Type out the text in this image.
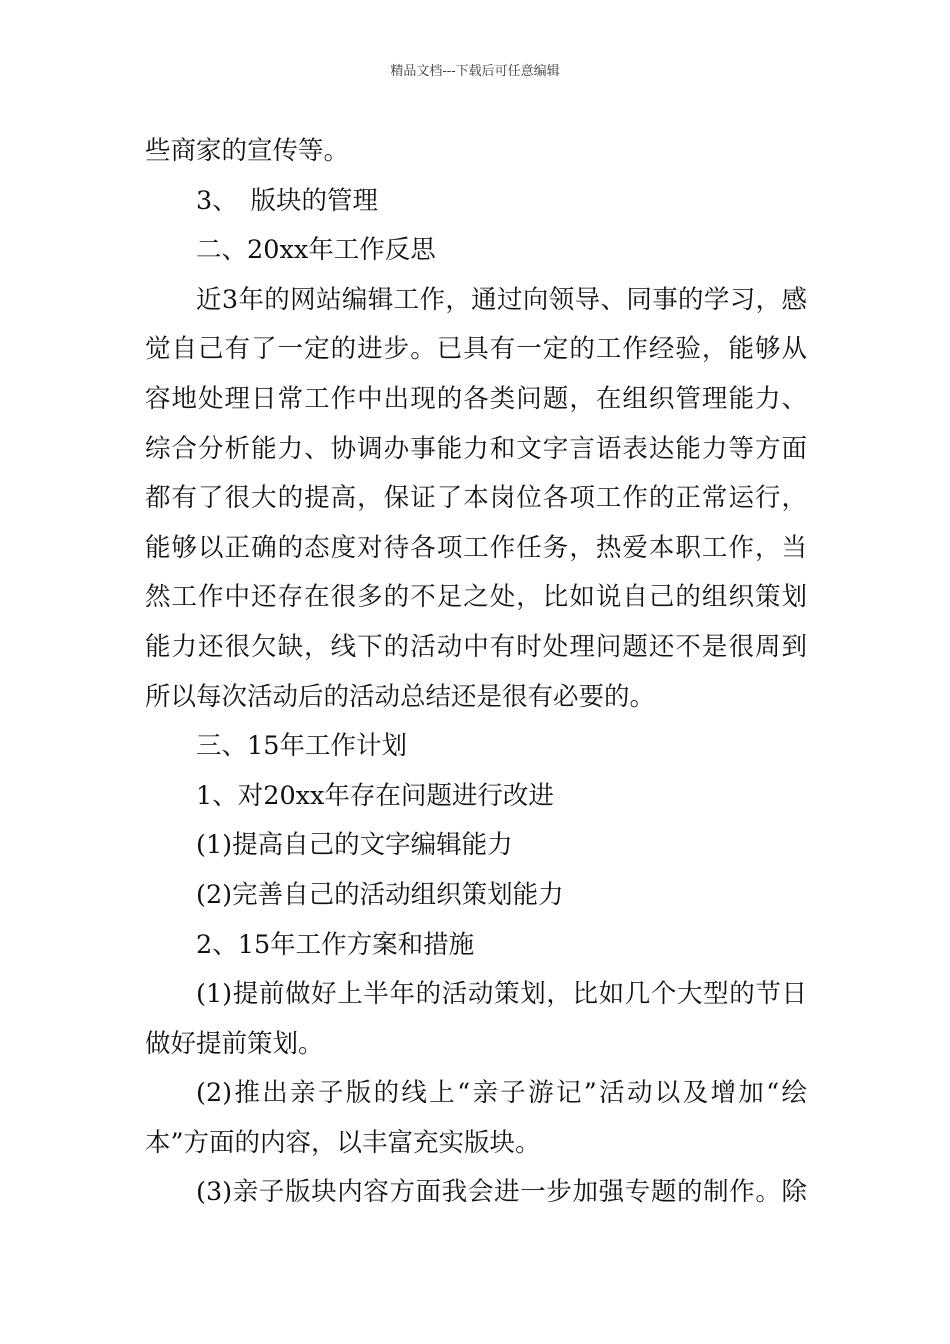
精品文档---下载后可任意编辑
些商家的宣传等。
3、　版块的管理
二、20xx年工作反思
近3年的网站编辑工作，通过向领导、同事的学习，感
觉自己有了一定的进步。已具有一定的工作经验，能够从
容地处理日常工作中出现的各类问题，在组织管理能力、
综合分析能力、协调办事能力和文字言语表达能力等方面
都有了很大的提高，保证了本岗位各项工作的正常运行，
能够以正确的态度对待各项工作任务，热爱本职工作，当
然工作中还存在很多的不足之处，比如说自己的组织策划
能力还很欠缺，线下的活动中有时处理问题还不是很周到
所以每次活动后的活动总结还是很有必要的。
三、15年工作计划
1、对20xx年存在问题进行改进
(1)提高自己的文字编辑能力
(2)完善自己的活动组织策划能力
2、15年工作方案和措施
(1)提前做好上半年的活动策划，比如几个大型的节日
做好提前策划。
(2)推出亲子版的线上“亲子游记”活动以及增加“绘
本”方面的内容，以丰富充实版块。
(3)亲子版块内容方面我会进一步加强专题的制作。除
